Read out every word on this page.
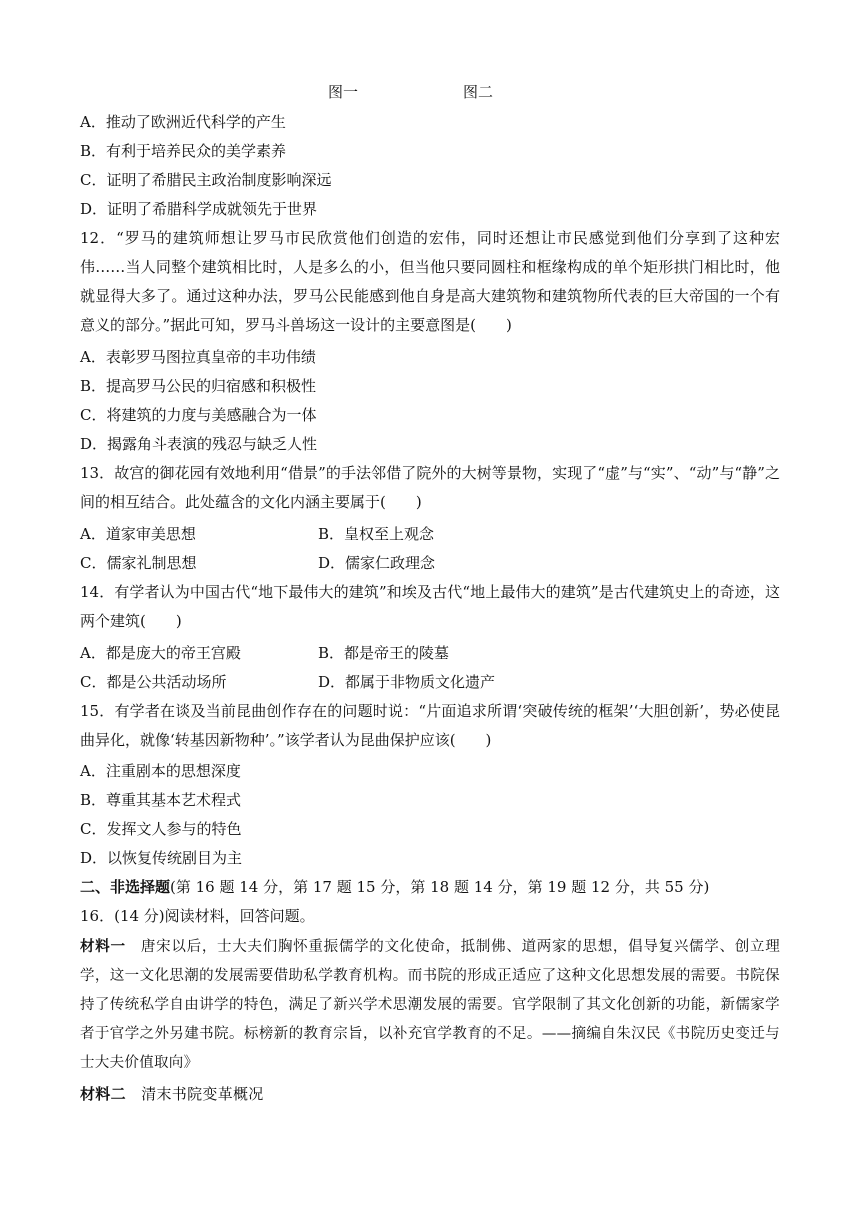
图一	图二
A．推动了欧洲近代科学的产生
B．有利于培养民众的美学素养
C．证明了希腊民主政治制度影响深远
D．证明了希腊科学成就领先于世界
12．“罗马的建筑师想让罗马市民欣赏他们创造的宏伟，同时还想让市民感觉到他们分享到了这种宏伟……当人同整个建筑相比时，人是多么的小，但当他只要同圆柱和框缘构成的单个矩形拱门相比时，他就显得大多了。通过这种办法，罗马公民能感到他自身是高大建筑物和建筑物所代表的巨大帝国的一个有意义的部分。”据此可知，罗马斗兽场这一设计的主要意图是(　　)
A．表彰罗马图拉真皇帝的丰功伟绩
B．提高罗马公民的归宿感和积极性
C．将建筑的力度与美感融合为一体
D．揭露角斗表演的残忍与缺乏人性
13．故宫的御花园有效地利用“借景”的手法邻借了院外的大树等景物，实现了“虚”与“实”、“动”与“静”之间的相互结合。此处蕴含的文化内涵主要属于(　　)
A．道家审美思想	B．皇权至上观念
C．儒家礼制思想	D．儒家仁政理念
14．有学者认为中国古代“地下最伟大的建筑”和埃及古代“地上最伟大的建筑”是古代建筑史上的奇迹，这两个建筑(　　)
A．都是庞大的帝王宫殿	B．都是帝王的陵墓
C．都是公共活动场所	D．都属于非物质文化遗产
15．有学者在谈及当前昆曲创作存在的问题时说：“片面追求所谓‘突破传统的框架’‘大胆创新’，势必使昆曲异化，就像‘转基因新物种’。”该学者认为昆曲保护应该(　　)
A．注重剧本的思想深度
B．尊重其基本艺术程式
C．发挥文人参与的特色
D．以恢复传统剧目为主
二、非选择题(第 16 题 14 分，第 17 题 15 分，第 18 题 14 分，第 19 题 12 分，共 55 分)
16．(14 分)阅读材料，回答问题。
材料一　唐宋以后，士大夫们胸怀重振儒学的文化使命，抵制佛、道两家的思想，倡导复兴儒学、创立理学，这一文化思潮的发展需要借助私学教育机构。而书院的形成正适应了这种文化思想发展的需要。书院保持了传统私学自由讲学的特色，满足了新兴学术思潮发展的需要。官学限制了其文化创新的功能，新儒家学者于官学之外另建书院。标榜新的教育宗旨，以补充官学教育的不足。——摘编自朱汉民《书院历史变迁与士大夫价值取向》
材料二　清末书院变革概况
